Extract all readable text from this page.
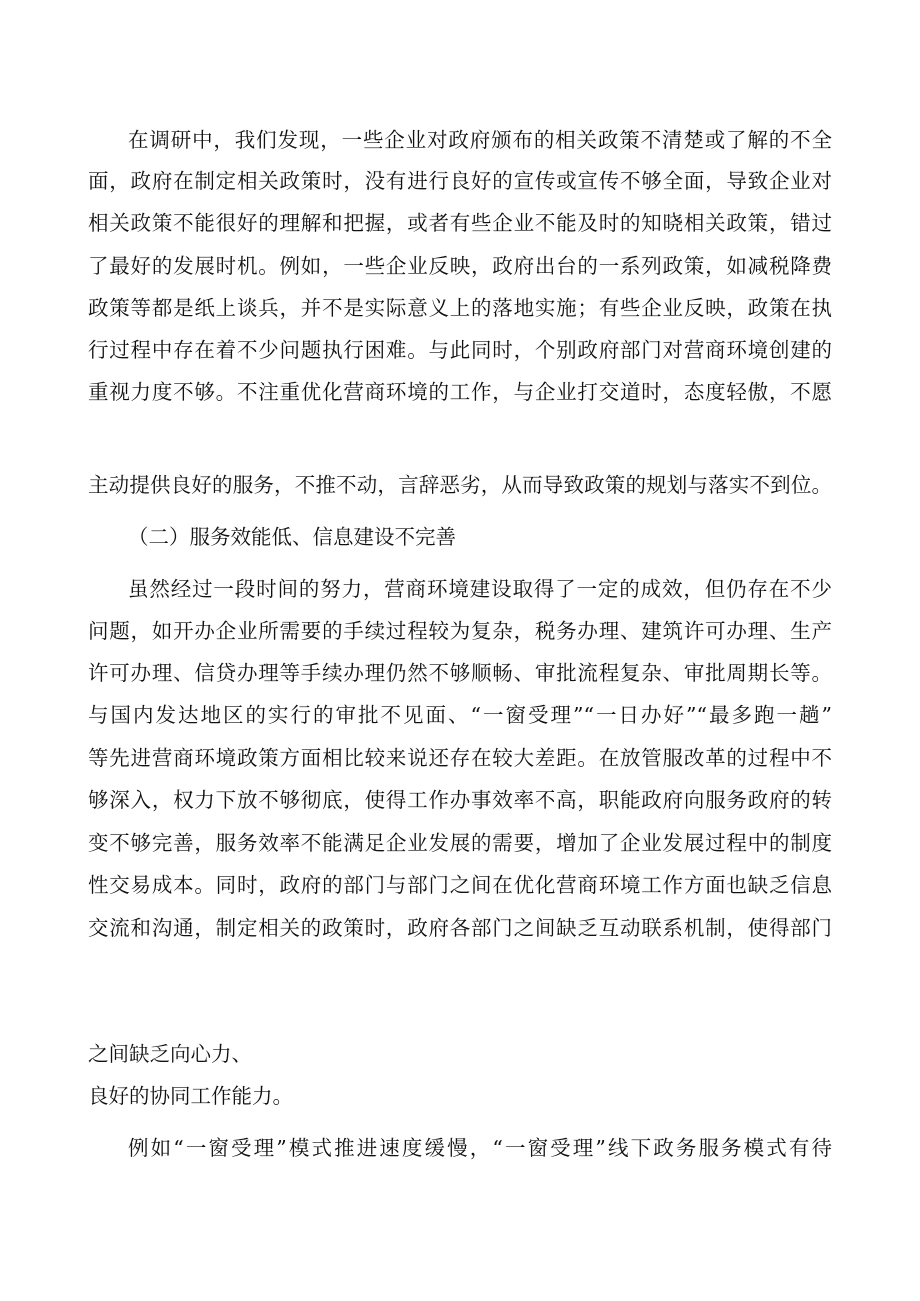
在调研中，我们发现，一些企业对政府颁布的相关政策不清楚或了解的不全
面，政府在制定相关政策时，没有进行良好的宣传或宣传不够全面，导致企业对
相关政策不能很好的理解和把握，或者有些企业不能及时的知晓相关政策，错过
了最好的发展时机。例如，一些企业反映，政府出台的一系列政策，如减税降费
政策等都是纸上谈兵，并不是实际意义上的落地实施；有些企业反映，政策在执
行过程中存在着不少问题执行困难。与此同时，个别政府部门对营商环境创建的
重视力度不够。不注重优化营商环境的工作，与企业打交道时，态度轻傲，不愿
主动提供良好的服务，不推不动，言辞恶劣，从而导致政策的规划与落实不到位。
（二）服务效能低、信息建设不完善
虽然经过一段时间的努力，营商环境建设取得了一定的成效，但仍存在不少
问题，如开办企业所需要的手续过程较为复杂，税务办理、建筑许可办理、生产
许可办理、信贷办理等手续办理仍然不够顺畅、审批流程复杂、审批周期长等。
与国内发达地区的实行的审批不见面、“一窗受理”“一日办好”“最多跑一趟”
等先进营商环境政策方面相比较来说还存在较大差距。在放管服改革的过程中不
够深入，权力下放不够彻底，使得工作办事效率不高，职能政府向服务政府的转
变不够完善，服务效率不能满足企业发展的需要，增加了企业发展过程中的制度
性交易成本。同时，政府的部门与部门之间在优化营商环境工作方面也缺乏信息
交流和沟通，制定相关的政策时，政府各部门之间缺乏互动联系机制，使得部门
之间缺乏向心力、
良好的协同工作能力。
例如“一窗受理”模式推进速度缓慢，“一窗受理”线下政务服务模式有待
